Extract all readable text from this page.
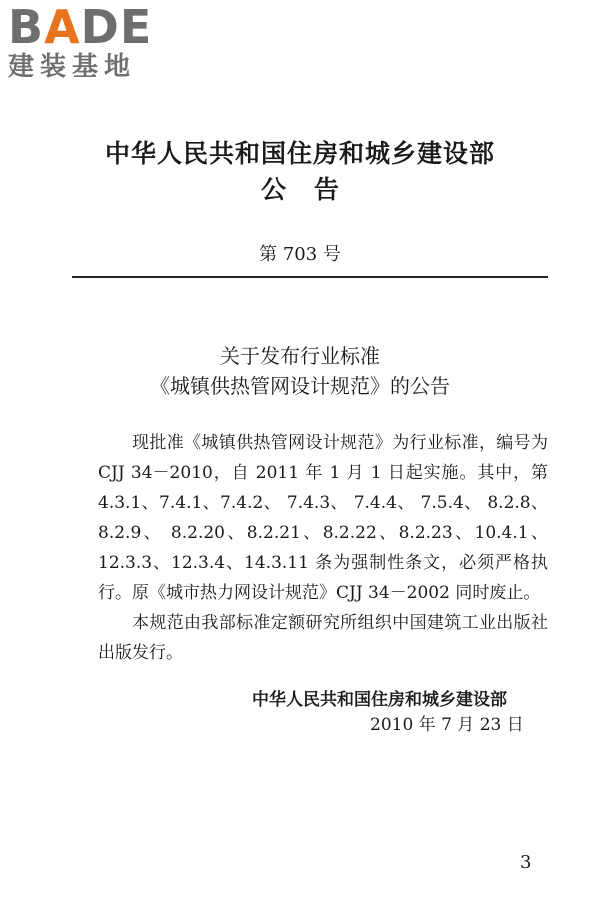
BADE
建装基地
中华人民共和国住房和城乡建设部
公告
第 703 号
关于发布行业标准
《城镇供热管网设计规范》的公告

现批准《城镇供热管网设计规范》为行业标准，编号为 CJJ 34－2010，自 2011 年 1 月 1 日起实施。其中，第 4.3.1、7.4.1、7.4.2、 7.4.3、 7.4.4、 7.5.4、 8.2.8、 8.2.9、 8.2.20、8.2.21、8.2.22、8.2.23、10.4.1、12.3.3、12.3.4、14.3.11 条为强制性条文，必须严格执行。原《城市热力网设计规范》CJJ 34－2002 同时废止。

本规范由我部标准定额研究所组织中国建筑工业出版社出版发行。

中华人民共和国住房和城乡建设部
2010 年 7 月 23 日
3
